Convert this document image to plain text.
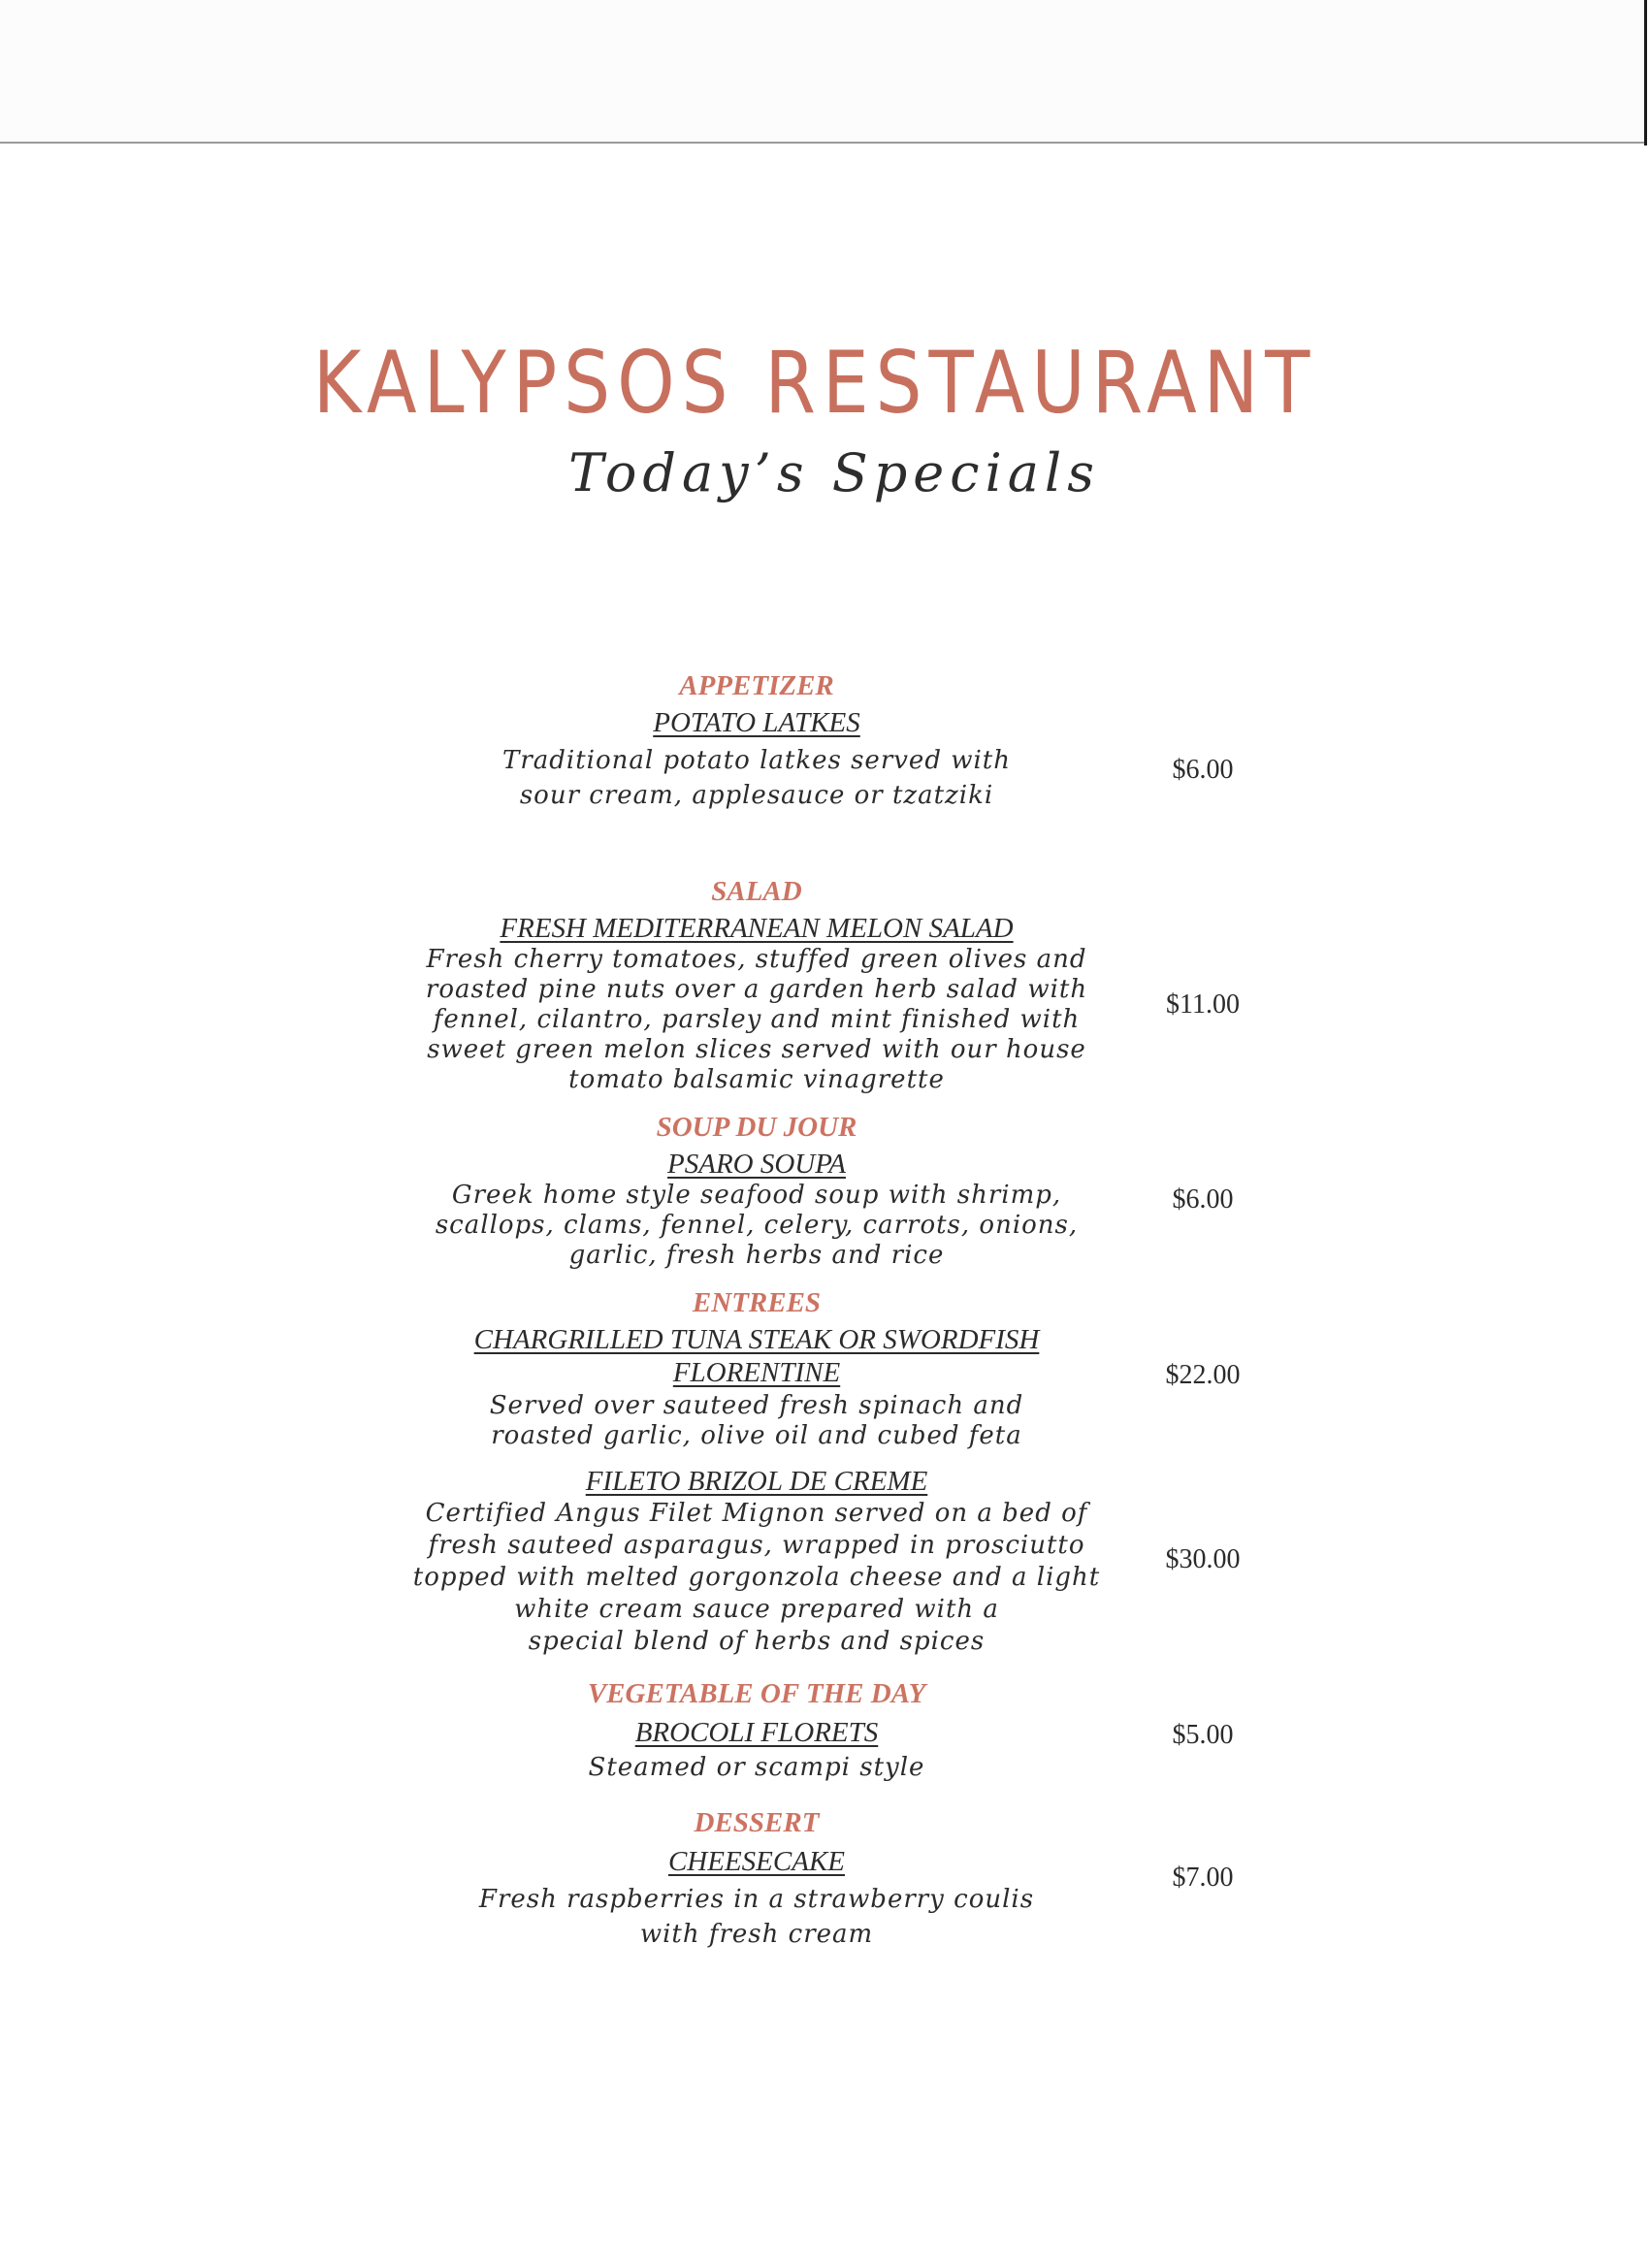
KALYPSOS RESTAURANT
Today’s Specials
APPETIZER
POTATO LATKES
Traditional potato latkes served with
sour cream, applesauce or tzatziki
$6.00
SALAD
FRESH MEDITERRANEAN MELON SALAD
Fresh cherry tomatoes, stuffed green olives and
roasted pine nuts over a garden herb salad with
fennel, cilantro, parsley and mint finished with
sweet green melon slices served with our house
tomato balsamic vinagrette
$11.00
SOUP DU JOUR
PSARO SOUPA
Greek home style seafood soup with shrimp,
scallops, clams, fennel, celery, carrots, onions,
garlic, fresh herbs and rice
$6.00
ENTREES
CHARGRILLED TUNA STEAK OR SWORDFISH
FLORENTINE
Served over sauteed fresh spinach and
roasted garlic, olive oil and cubed feta
$22.00
FILETO BRIZOL DE CREME
Certified Angus Filet Mignon served on a bed of
fresh sauteed asparagus, wrapped in prosciutto
topped with melted gorgonzola cheese and a light
white cream sauce prepared with a
special blend of herbs and spices
$30.00
VEGETABLE OF THE DAY
BROCOLI FLORETS
Steamed or scampi style
$5.00
DESSERT
CHEESECAKE
Fresh raspberries in a strawberry coulis
with fresh cream
$7.00
